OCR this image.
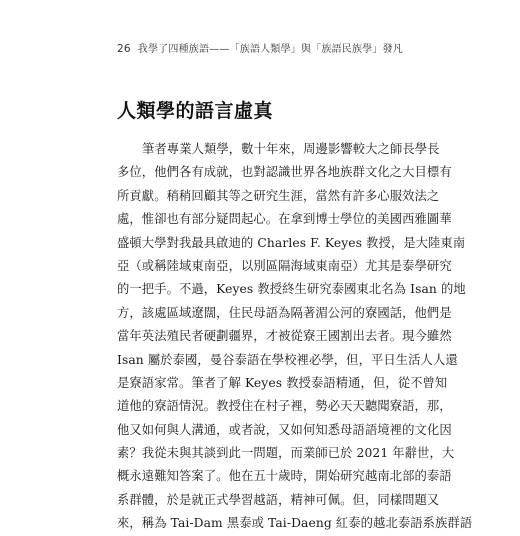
26 我學了四種族語——「族語人類學」與「族語民族學」發凡
人類學的語言虛真
筆者專業人類學，數十年來，周邊影響較大之師長學長
多位，他們各有成就，也對認識世界各地族群文化之大目標有
所貢獻。稍稍回顧其等之研究生涯，當然有許多心服效法之
處，惟卻也有部分疑問起心。在拿到博士學位的美國西雅圖華
盛頓大學對我最具啟迪的 Charles F. Keyes 教授，是大陸東南
亞（或稱陸域東南亞，以別區隔海域東南亞）尤其是泰學研究
的一把手。不過，Keyes 教授終生研究泰國東北名為 Isan 的地
方，該處區域遼闊，住民母語為隔著湄公河的寮國話，他們是
當年英法殖民者硬劃疆界，才被從寮王國割出去者。現今雖然
Isan 屬於泰國，曼谷泰語在學校裡必學，但，平日生活人人還
是寮語家常。筆者了解 Keyes 教授泰語精通，但，從不曾知
道他的寮語情況。教授住在村子裡，勢必天天聽聞寮語，那，
他又如何與人溝通，或者說，又如何知悉母語語境裡的文化因
素？我從未與其談到此一問題，而業師已於 2021 年辭世，大
概永遠難知答案了。他在五十歲時，開始研究越南北部的泰語
系群體，於是就正式學習越語，精神可佩。但，同樣問題又
來，稱為 Tai-Dam 黑泰或 Tai-Daeng 紅泰的越北泰語系族群語
